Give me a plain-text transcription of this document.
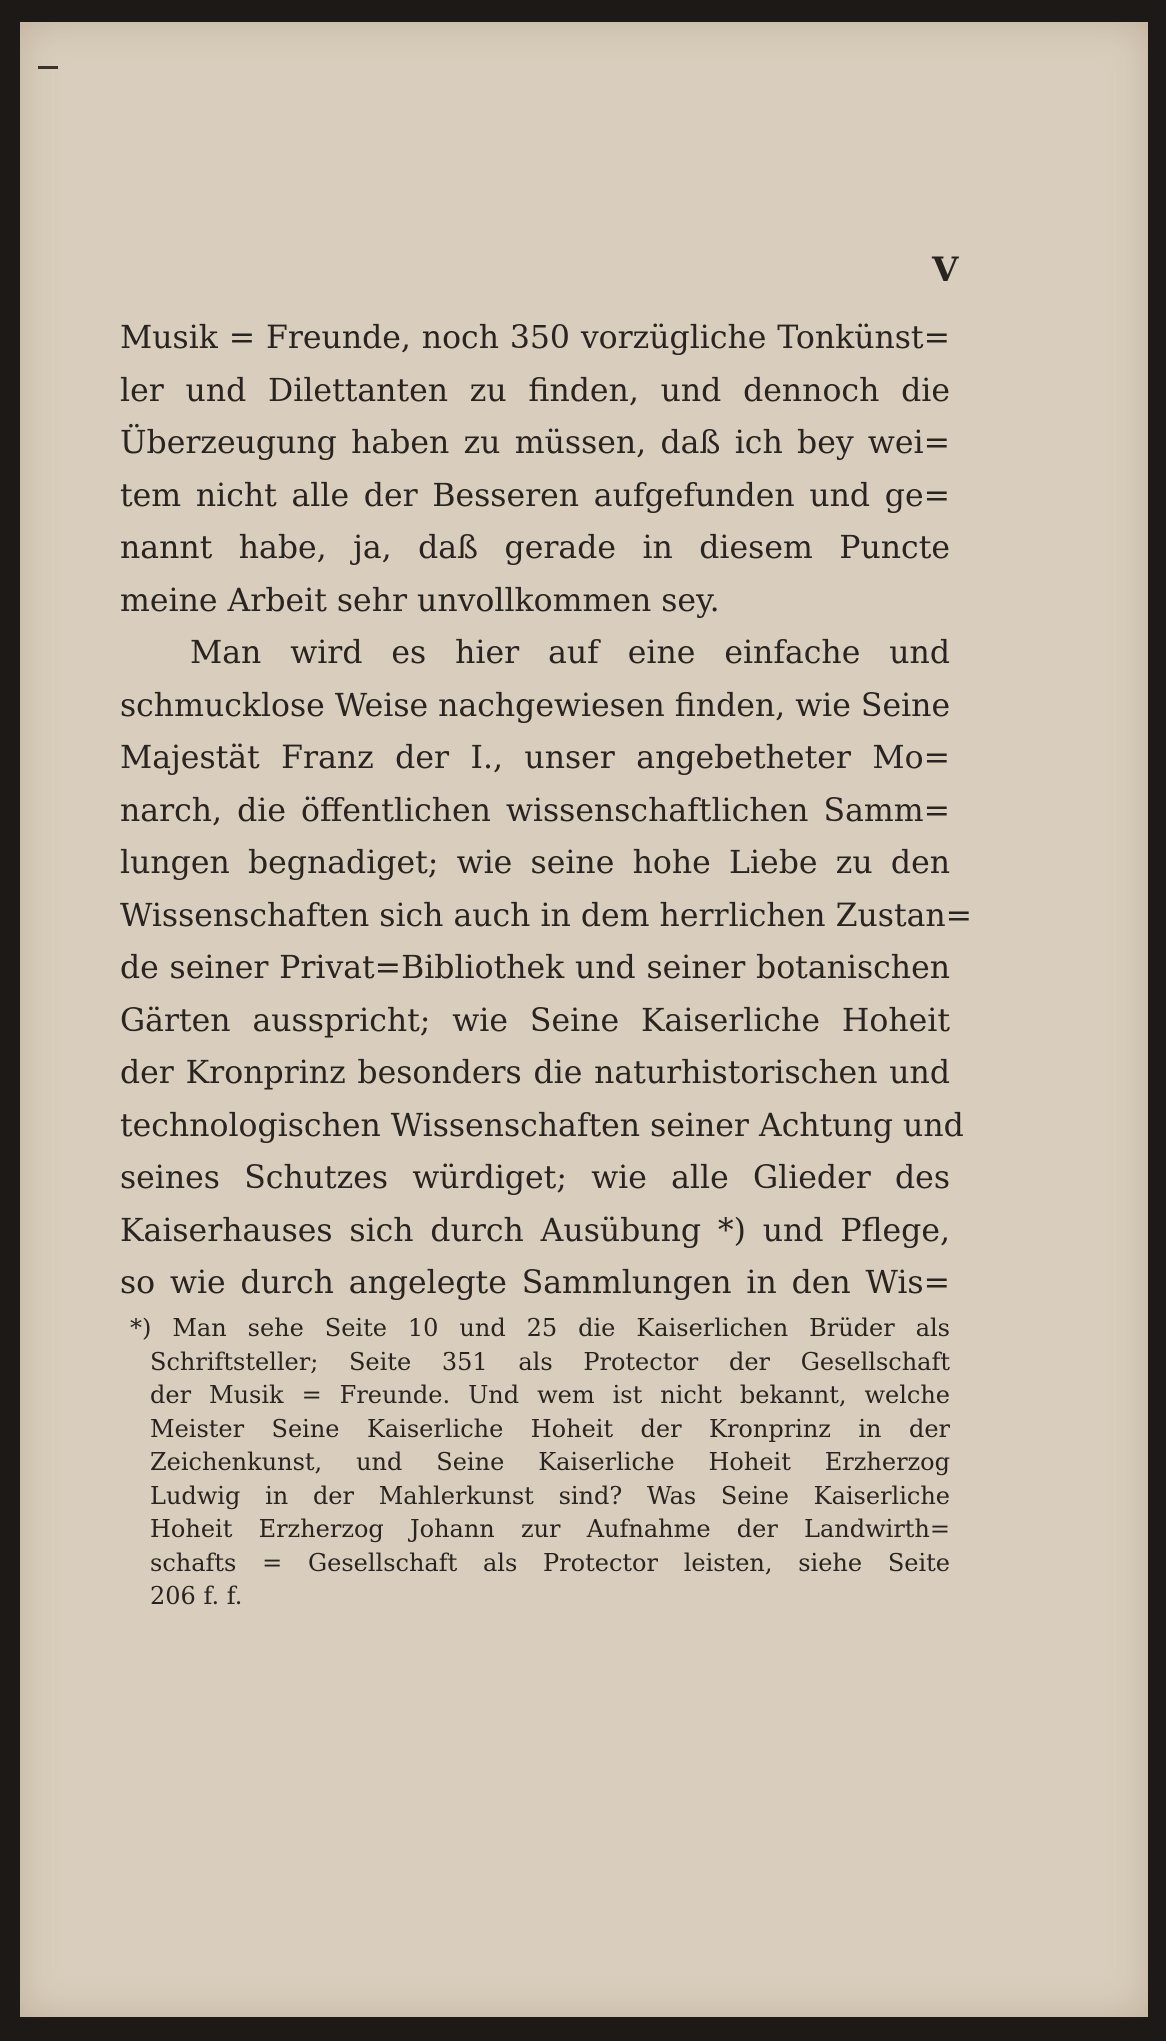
V
Musik = Freunde, noch 350 vorzügliche Tonkünst=
ler und Dilettanten zu finden, und dennoch die
Überzeugung haben zu müssen, daß ich bey wei=
tem nicht alle der Besseren aufgefunden und ge=
nannt habe, ja, daß gerade in diesem Puncte
meine Arbeit sehr unvollkommen sey.
Man wird es hier auf eine einfache und
schmucklose Weise nachgewiesen finden, wie Seine
Majestät Franz der I., unser angebetheter Mo=
narch, die öffentlichen wissenschaftlichen Samm=
lungen begnadiget; wie seine hohe Liebe zu den
Wissenschaften sich auch in dem herrlichen Zustan=
de seiner Privat=Bibliothek und seiner botanischen
Gärten ausspricht; wie Seine Kaiserliche Hoheit
der Kronprinz besonders die naturhistorischen und
technologischen Wissenschaften seiner Achtung und
seines Schutzes würdiget; wie alle Glieder des
Kaiserhauses sich durch Ausübung *) und Pflege,
so wie durch angelegte Sammlungen in den Wis=
*) Man sehe Seite 10 und 25 die Kaiserlichen Brüder als
Schriftsteller; Seite 351 als Protector der Gesellschaft
der Musik = Freunde. Und wem ist nicht bekannt, welche
Meister Seine Kaiserliche Hoheit der Kronprinz in der
Zeichenkunst, und Seine Kaiserliche Hoheit Erzherzog
Ludwig in der Mahlerkunst sind? Was Seine Kaiserliche
Hoheit Erzherzog Johann zur Aufnahme der Landwirth=
schafts = Gesellschaft als Protector leisten, siehe Seite
206 f. f.
